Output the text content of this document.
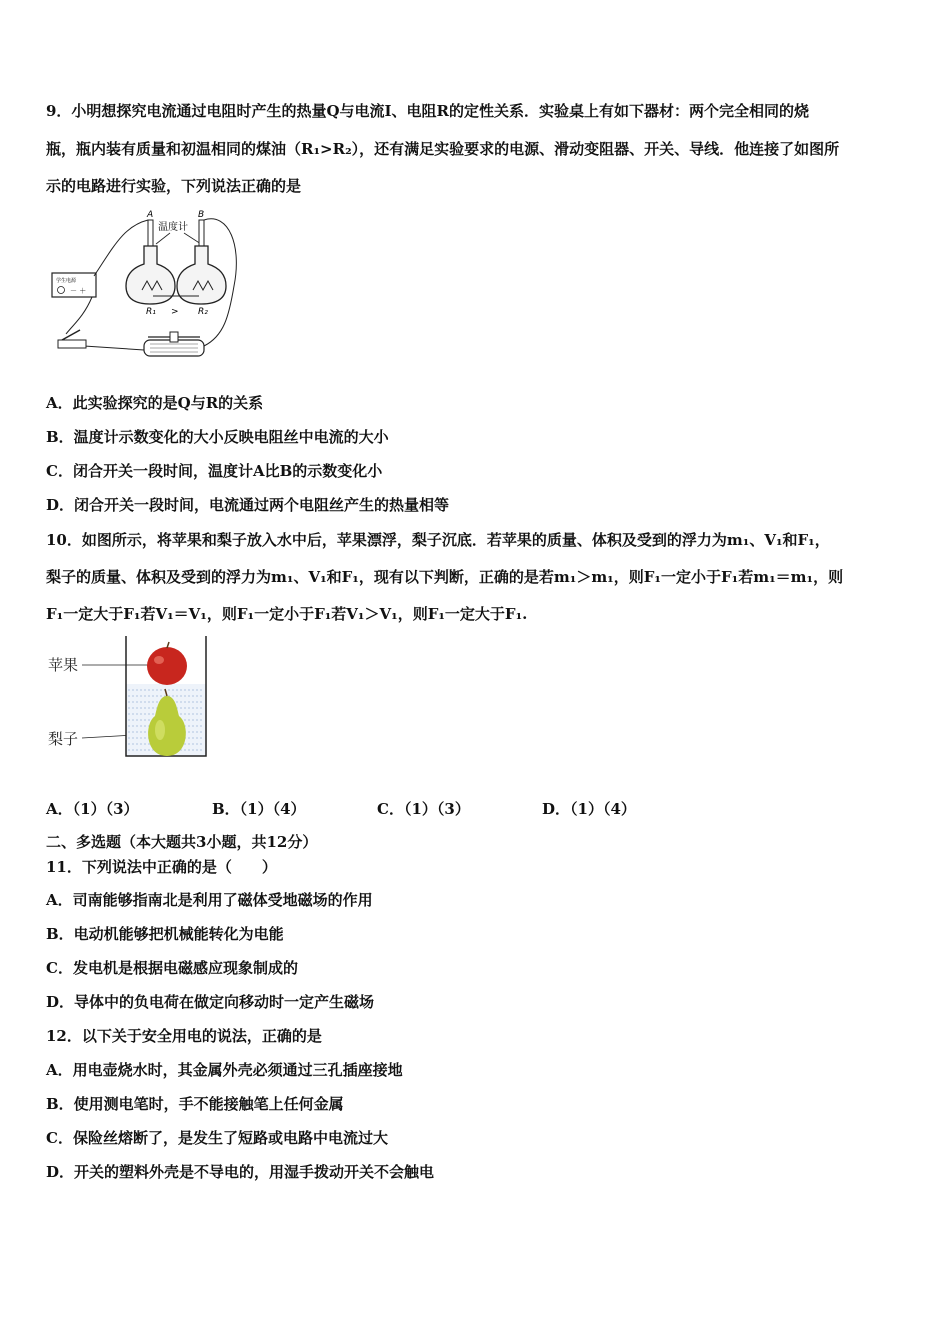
9．小明想探究电流通过电阻时产生的热量Q与电流I、电阻R的定性关系．实验桌上有如下器材：两个完全相同的烧
瓶，瓶内装有质量和初温相同的煤油（R₁>R₂），还有满足实验要求的电源、滑动变阻器、开关、导线．他连接了如图所
示的电路进行实验，下列说法正确的是
A	B
温度计
R₁ > R₂
学生电源
－ ＋
A．此实验探究的是Q与R的关系
B．温度计示数变化的大小反映电阻丝中电流的大小
C．闭合开关一段时间，温度计A比B的示数变化小
D．闭合开关一段时间，电流通过两个电阻丝产生的热量相等
10．如图所示，将苹果和梨子放入水中后，苹果漂浮，梨子沉底．若苹果的质量、体积及受到的浮力为m₁、V₁和F₁，
梨子的质量、体积及受到的浮力为m₁、V₁和F₁，现有以下判断，正确的是若m₁＞m₁，则F₁一定小于F₁若m₁＝m₁，则
F₁一定大于F₁若V₁＝V₁，则F₁一定小于F₁若V₁＞V₁，则F₁一定大于F₁.
苹果
梨子
A．（1）（3）	B．（1）（4）	C．（1）（3）	D．（1）（4）
二、多选题（本大题共3小题，共12分）
11．下列说法中正确的是（　　）
A．司南能够指南北是利用了磁体受地磁场的作用
B．电动机能够把机械能转化为电能
C．发电机是根据电磁感应现象制成的
D．导体中的负电荷在做定向移动时一定产生磁场
12．以下关于安全用电的说法，正确的是
A．用电壶烧水时，其金属外壳必须通过三孔插座接地
B．使用测电笔时，手不能接触笔上任何金属
C．保险丝熔断了，是发生了短路或电路中电流过大
D．开关的塑料外壳是不导电的，用湿手拨动开关不会触电
